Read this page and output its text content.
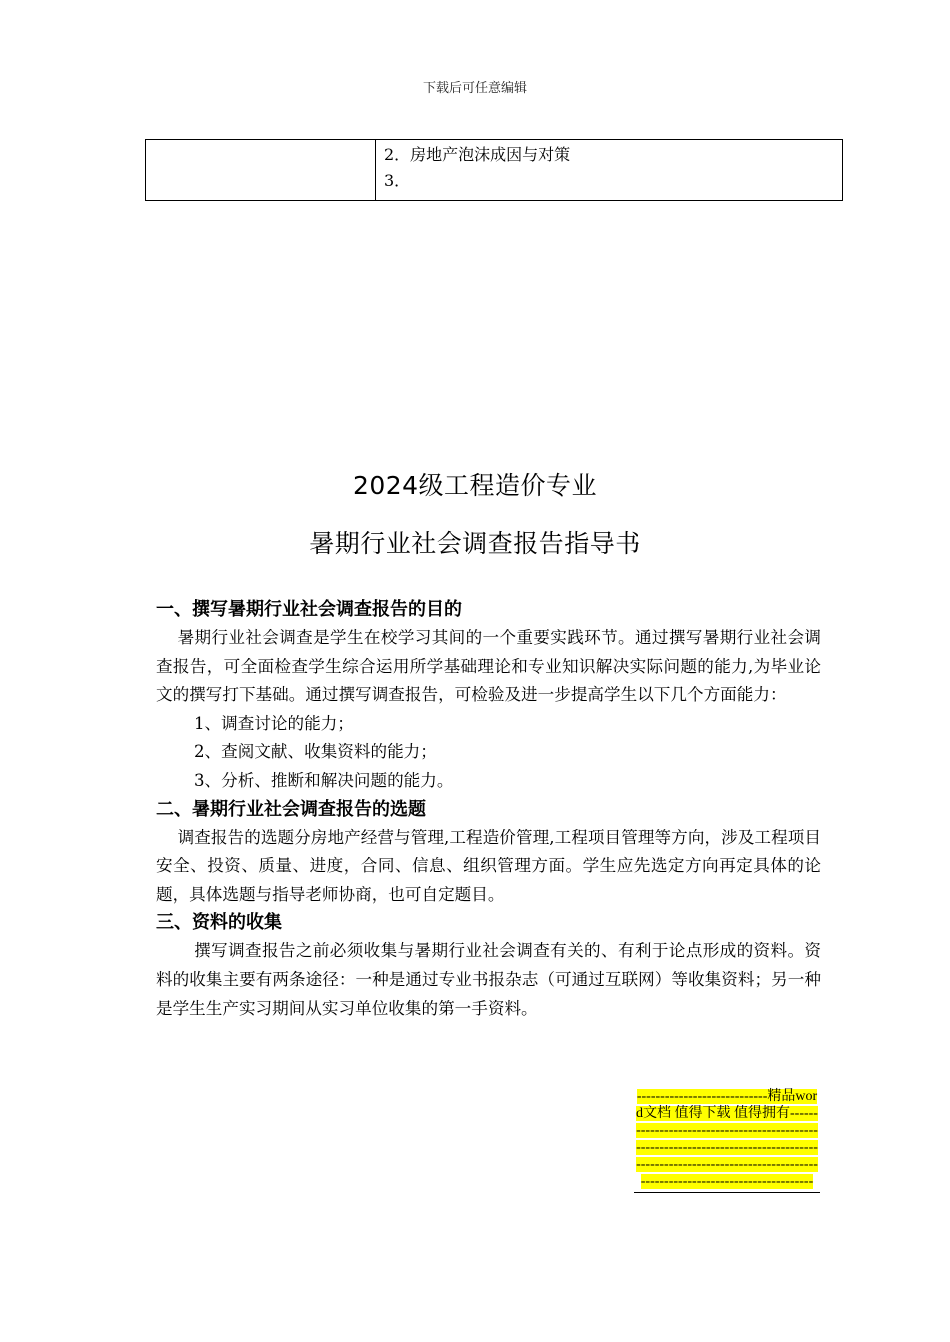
下载后可任意编辑

2．房地产泡沫成因与对策
3．
2024级工程造价专业
暑期行业社会调查报告指导书
一、撰写暑期行业社会调查报告的目的
暑期行业社会调查是学生在校学习其间的一个重要实践环节。通过撰写暑期行业社会调查报告，可全面检查学生综合运用所学基础理论和专业知识解决实际问题的能力,为毕业论文的撰写打下基础。通过撰写调查报告，可检验及进一步提高学生以下几个方面能力：
1、调查讨论的能力；
2、查阅文献、收集资料的能力；
3、分析、推断和解决问题的能力。
二、暑期行业社会调查报告的选题
调查报告的选题分房地产经营与管理,工程造价管理,工程项目管理等方向，涉及工程项目安全、投资、质量、进度，合同、信息、组织管理方面。学生应先选定方向再定具体的论题，具体选题与指导老师协商，也可自定题目。
三、资料的收集
撰写调查报告之前必须收集与暑期行业社会调查有关的、有利于论点形成的资料。资料的收集主要有两条途径：一种是通过专业书报杂志（可通过互联网）等收集资料；另一种是学生生产实习期间从实习单位收集的第一手资料。
----------------------------精品word文档 值得下载 值得拥有----------------------------------------------------------------------------------------------------------------------------------------------------------------
